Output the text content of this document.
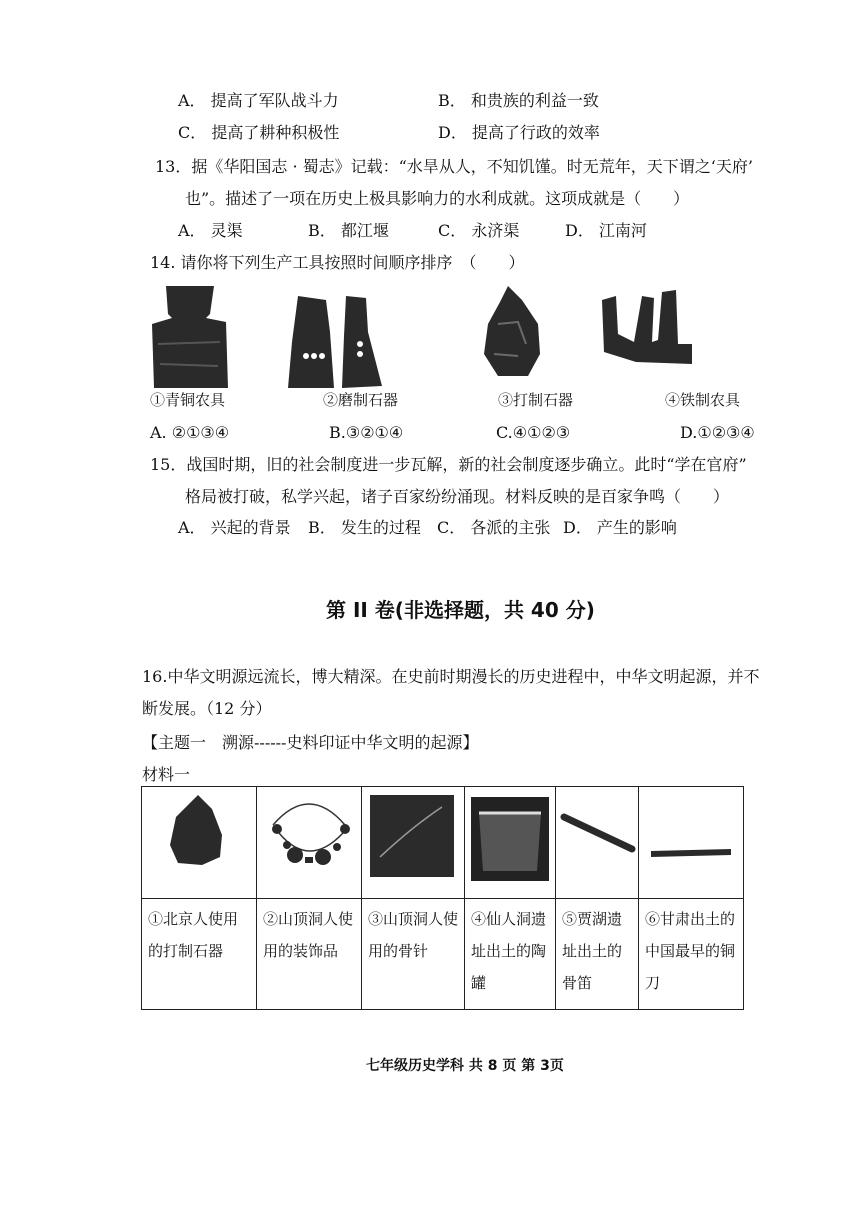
A． 提高了军队战斗力	B． 和贵族的利益一致
C． 提高了耕种积极性	D． 提高了行政的效率
13．据《华阳国志 · 蜀志》记载：“水旱从人，不知饥馑。时无荒年，天下谓之‘天府’
也”。描述了一项在历史上极具影响力的水利成就。这项成就是（　　）
A． 灵渠	B． 都江堰	C． 永济渠	D． 江南河
14. 请你将下列生产工具按照时间顺序排序　（　　）
①青铜农具	②磨制石器	③打制石器	④铁制农具
A. ②①③④	B.③②①④	C.④①②③	D.①②③④
15．战国时期，旧的社会制度进一步瓦解，新的社会制度逐步确立。此时“学在官府”
格局被打破，私学兴起，诸子百家纷纷涌现。材料反映的是百家争鸣（　　）
A． 兴起的背景 B． 发生的过程 C． 各派的主张 D． 产生的影响
第 II 卷(非选择题，共 40 分)
16.中华文明源远流长，博大精深。在史前时期漫长的历史进程中，中华文明起源，并不
断发展。（12 分）
【主题一　溯源------史料印证中华文明的起源】
材料一

①北京人使用的打制石器	②山顶洞人使用的装饰品	③山顶洞人使用的骨针	④仙人洞遗址出土的陶罐	⑤贾湖遗址出土的骨笛	⑥甘肃出土的中国最早的铜刀
七年级历史学科 共 8 页 第 3页
